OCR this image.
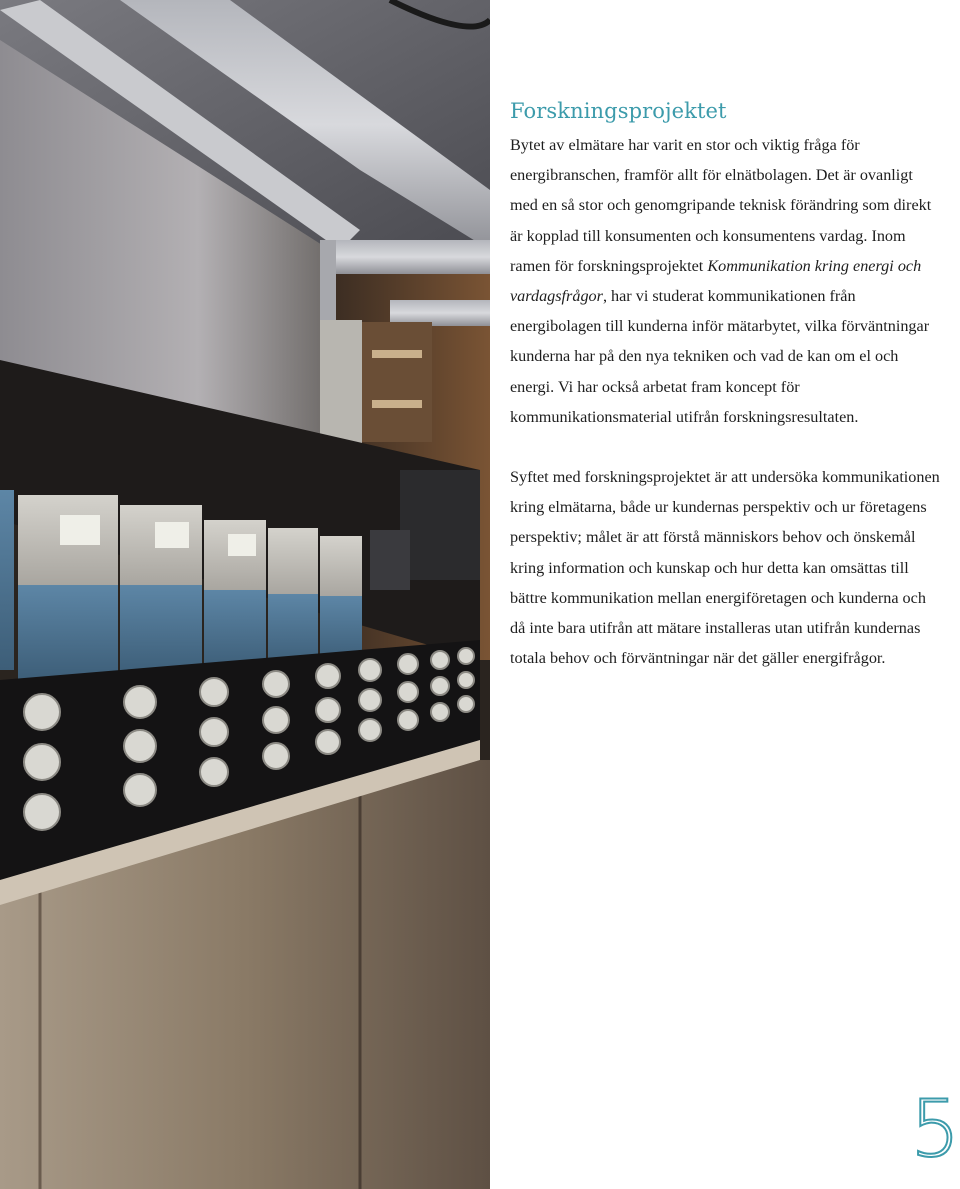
Forskningsprojektet

Bytet av elmätare har varit en stor och viktig fråga för energibranschen, framför allt för elnätbolagen. Det är ovanligt med en så stor och genomgripande teknisk förändring som direkt är kopplad till konsumenten och konsumentens vardag. Inom ramen för forskningsprojektet Kommunikation kring energi och vardagsfrågor, har vi studerat kommunikationen från energibolagen till kunderna inför mätarbytet, vilka förväntningar kunderna har på den nya tekniken och vad de kan om el och energi. Vi har också arbetat fram koncept för kommunikationsmaterial utifrån forskningsresultaten.

Syftet med forskningsprojektet är att undersöka kommunikationen kring elmätarna, både ur kundernas perspektiv och ur företagens perspektiv; målet är att förstå människors behov och önskemål kring information och kunskap och hur detta kan omsättas till bättre kommunikation mellan energiföretagen och kunderna och då inte bara utifrån att mätare installeras utan utifrån kundernas totala behov och förväntningar när det gäller energifrågor.

5
